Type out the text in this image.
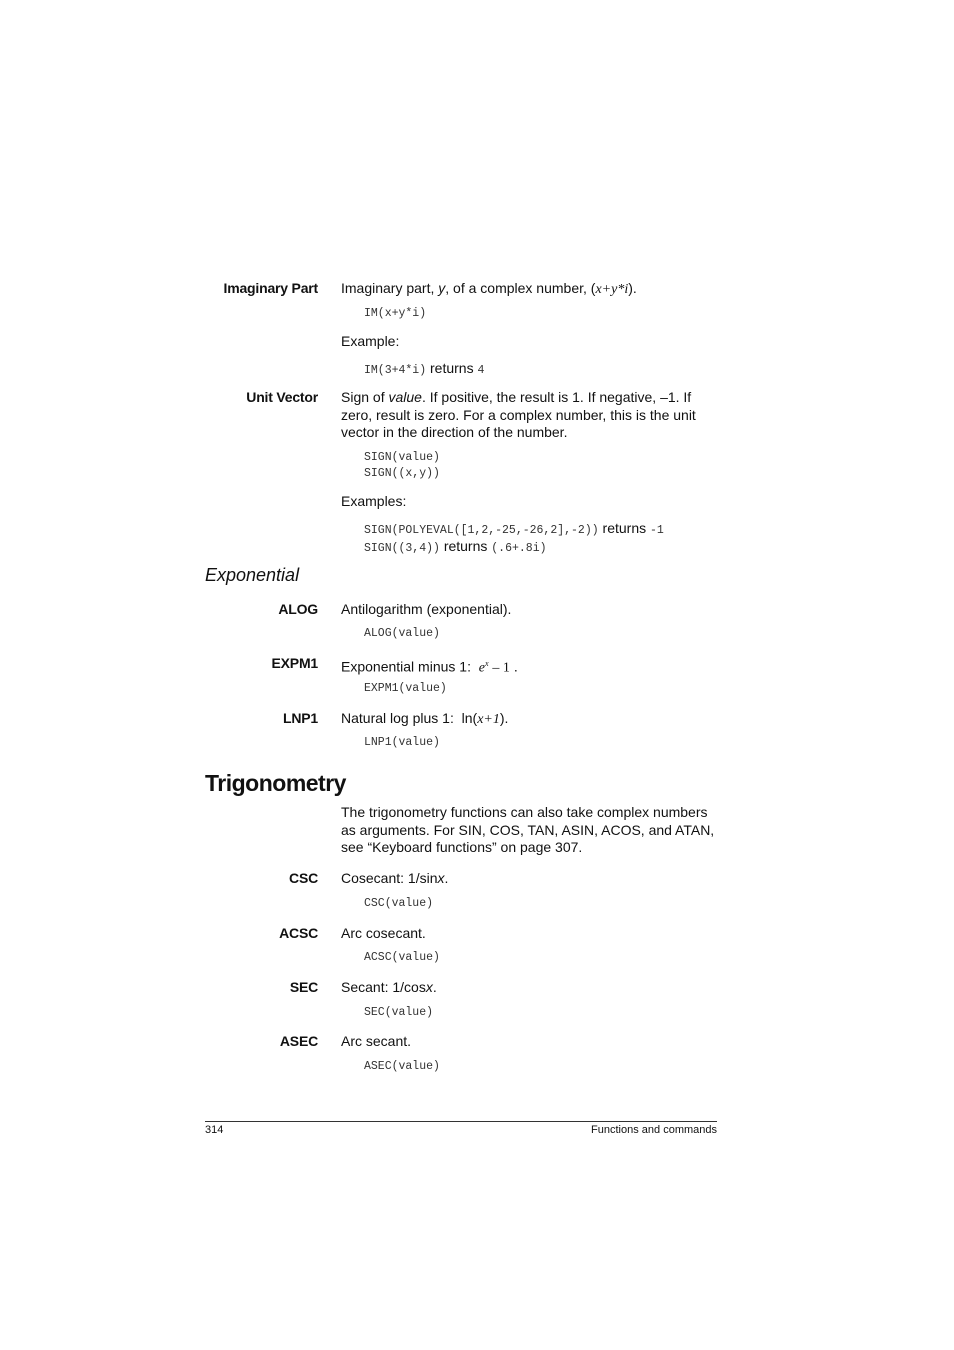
Imaginary Part Imaginary part, y, of a complex number, (x+y*i).
IM(x+y*i)
Example:
IM(3+4*i) returns 4
Unit Vector Sign of value. If positive, the result is 1. If negative, –1. If zero, result is zero. For a complex number, this is the unit vector in the direction of the number.
SIGN(value)
SIGN((x,y))
Examples:
SIGN(POLYEVAL([1,2,-25,-26,2],-2)) returns -1
SIGN((3,4)) returns (.6+.8i)
Exponential
ALOG Antilogarithm (exponential).
ALOG(value)
EXPM1 Exponential minus 1: $e^x - 1$ .
EXPM1(value)
LNP1 Natural log plus 1: ln(x+1).
LNP1(value)
Trigonometry
The trigonometry functions can also take complex numbers as arguments. For SIN, COS, TAN, ASIN, ACOS, and ATAN, see “Keyboard functions” on page 307.
CSC Cosecant: 1/sinx.
CSC(value)
ACSC Arc cosecant.
ACSC(value)
SEC Secant: 1/cosx.
SEC(value)
ASEC Arc secant.
ASEC(value)
314	Functions and commands
